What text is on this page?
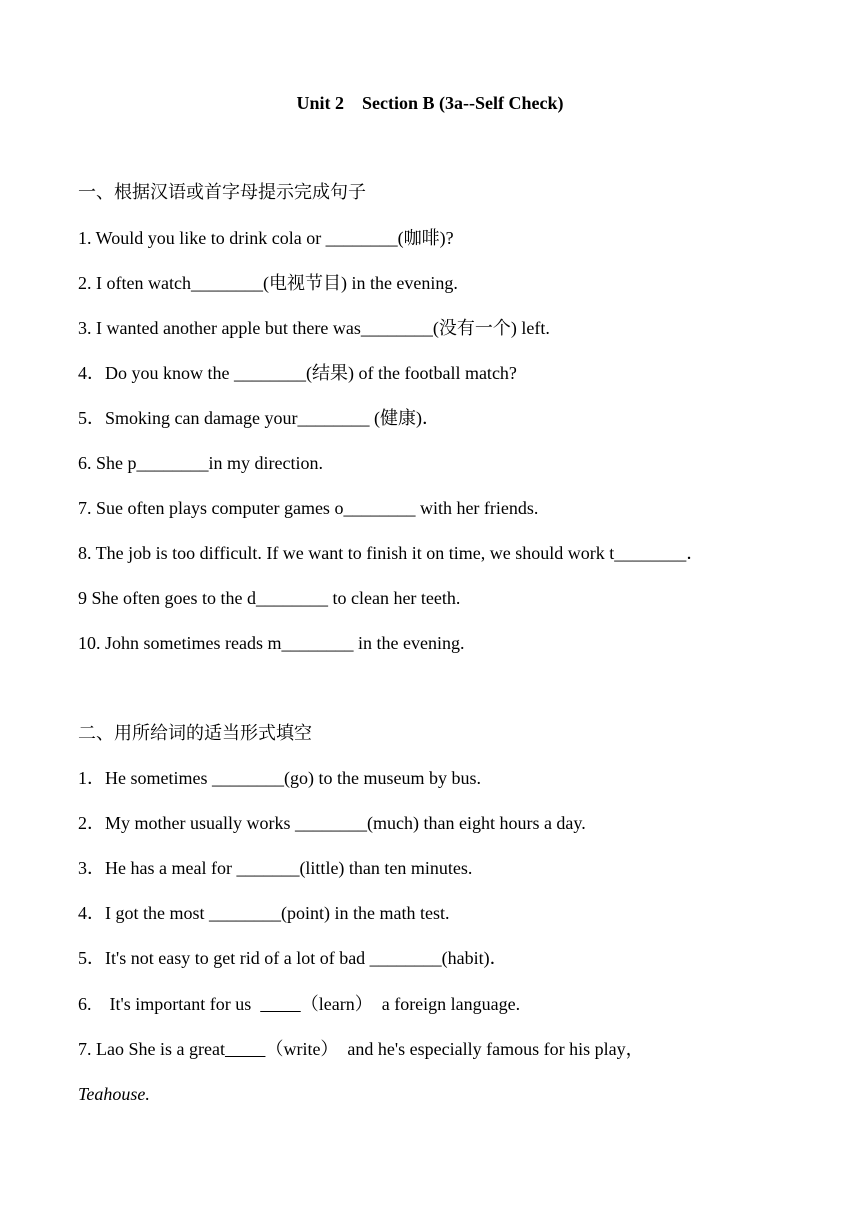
Unit 2    Section B (3a--Self Check)
一、根据汉语或首字母提示完成句子
1. Would you like to drink cola or ________(咖啡)?
2. I often watch________(电视节目) in the evening.
3. I wanted another apple but there was________(没有一个) left.
4．Do you know the ________(结果) of the football match?
5．Smoking can damage your________ (健康)．
6. She p________in my direction.
7. Sue often plays computer games o________ with her friends.
8. The job is too difficult. If we want to finish it on time, we should work t________．
9 She often goes to the d________ to clean her teeth.
10. John sometimes reads m________ in the evening.
二、用所给词的适当形式填空
1．He sometimes ________(go) to the museum by bus.
2．My mother usually works ________(much) than eight hours a day.
3．He has a meal for _______(little) than ten minutes.
4．I got the most ________(point) in the math test.
5．It's not easy to get rid of a lot of bad ________(habit)．
6.    It's important for us           （learn）  a foreign language.
7. Lao She is a great （write）  and he's especially famous for his play，
Teahouse.
